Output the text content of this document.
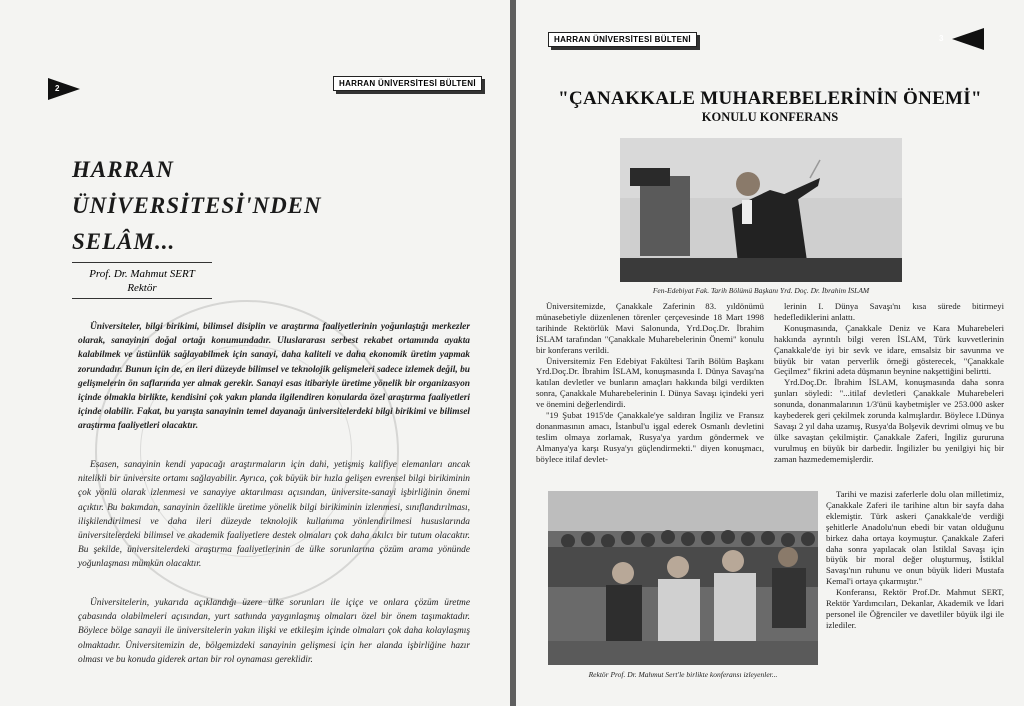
2
HARRAN ÜNİVERSİTESİ BÜLTENİ
HARRAN
ÜNİVERSİTESİ'NDEN
SELÂM...
Prof. Dr. Mahmut SERT
Rektör

Üniversiteler, bilgi birikimi, bilimsel disiplin ve araştırma faaliyetlerinin yoğunlaştığı merkezler olarak, sanayinin doğal ortağı konumundadır. Uluslararası serbest rekabet ortamında ayakta kalabilmek ve üstünlük sağlayabilmek için sanayi, daha kaliteli ve daha ekonomik üretim yapmak zorundadır. Bunun için de, en ileri düzeyde bilimsel ve teknolojik gelişmeleri sadece izlemek değil, bu gelişmelerin ön saflarında yer almak gerekir. Sanayi esas itibariyle üretime yönelik bir organizasyon içinde olmakla birlikte, kendisini çok yakın planda ilgilendiren konularda özel araştırma faaliyetleri içinde olabilir. Fakat, bu yarışta sanayinin temel dayanağı üniversitelerdeki bilgi birikimi ve bilimsel araştırma faaliyetleri olacaktır.

Esasen, sanayinin kendi yapacağı araştırmaların için dahi, yetişmiş kalifiye elemanları ancak nitelikli bir üniversite ortamı sağlayabilir. Ayrıca, çok büyük bir hızla gelişen evrensel bilgi birikiminin çok yönlü olarak izlenmesi ve sanayiye aktarılması açısından, üniversite-sanayi işbirliğinin önemi açıktır. Bu bakımdan, sanayinin özellikle üretime yönelik bilgi birikiminin izlenmesi, sınıflandırılması, ilişkilendirilmesi ve daha ileri düzeyde teknolojik kullanıma yönlendirilmesi hususlarında üniversitelerdeki bilimsel ve akademik faaliyetlere destek olmaları çok daha akılcı bir tutum olacaktır. Bu şekilde, üniversitelerdeki araştırma faaliyetlerinin de ülke sorunlarına çözüm arama yönünde yoğunlaşması mümkün olacaktır.

Üniversitelerin, yukarıda açıklandığı üzere ülke sorunları ile içiçe ve onlara çözüm üretme çabasında olabilmeleri açısından, yurt sathında yaygınlaşmış olmaları özel bir önem taşımaktadır. Böylece bölge sanayii ile üniversitelerin yakın ilişki ve etkileşim içinde olmaları çok daha kolaylaşmış olmaktadır. Üniversitemizin de, bölgemizdeki sanayinin gelişmesi için her alanda işbirliğine hazır olması ve bu konuda giderek artan bir rol oynaması gereklidir.

HARRAN ÜNİVERSİTESİ BÜLTENİ	3
"ÇANAKKALE MUHAREBELERİNİN ÖNEMİ"
KONULU KONFERANS
Fen-Edebiyat Fak. Tarih Bölümü Başkanı Yrd. Doç. Dr. İbrahim İSLAM

Üniversitemizde, Çanakkale Zaferinin 83. yıldönümü münasebetiyle düzenlenen törenler çerçevesinde 18 Mart 1998 tarihinde Rektörlük Mavi Salonunda, Yrd.Doç.Dr. İbrahim İSLAM tarafından "Çanakkale Muharebelerinin Önemi" konulu bir konferans verildi.

Üniversitemiz Fen Edebiyat Fakültesi Tarih Bölüm Başkanı Yrd.Doç.Dr. İbrahim İSLAM, konuşmasında I. Dünya Savaşı'na katılan devletler ve bunların amaçları hakkında bilgi verdikten sonra, Çanakkale Muharebelerinin I. Dünya Savaşı içindeki yeri ve önemini değerlendirdi.

"19 Şubat 1915'de Çanakkale'ye saldıran İngiliz ve Fransız donanmasının amacı, İstanbul'u işgal ederek Osmanlı devletini teslim olmaya zorlamak, Rusya'ya yardım göndermek ve Almanya'ya karşı Rusya'yı güçlendirmekti." diyen konuşmacı, böylece itilaf devlet-

lerinin I. Dünya Savaşı'nı kısa sürede bitirmeyi hedeflediklerini anlattı.

Konuşmasında, Çanakkale Deniz ve Kara Muharebeleri hakkında ayrıntılı bilgi veren İSLAM, Türk kuvvetlerinin Çanakkale'de iyi bir sevk ve idare, emsalsiz bir savunma ve büyük bir vatan perverlik örneği gösterecek, "Çanakkale Geçilmez" fikrini adeta düşmanın beynine nakşettiğini belirtti.

Yrd.Doç.Dr. İbrahim İSLAM, konuşmasında daha sonra şunları söyledi: "...itilaf devletleri Çanakkale Muharebeleri sonunda, donanmalarının 1/3'ünü kaybetmişler ve 253.000 asker kaybederek geri çekilmek zorunda kalmışlardır. Böylece I.Dünya Savaşı 2 yıl daha uzamış, Rusya'da Bolşevik devrimi olmuş ve bu ülke savaştan çekilmiştir. Çanakkale Zaferi, İngiliz gururuna vurulmuş en büyük bir darbedir. İngilizler bu yenilgiyi hiç bir zaman hazmedememişlerdir.

Tarihi ve mazisi zaferlerle dolu olan milletimiz, Çanakkale Zaferi ile tarihine altın bir sayfa daha eklemiştir. Türk askeri Çanakkale'de verdiği şehitlerle Anadolu'nun ebedi bir vatan olduğunu birkez daha ortaya koymuştur. Çanakkale Zaferi daha sonra yapılacak olan İstiklal Savaşı için büyük bir moral değer oluşturmuş, İstiklal Savaşı'nın ruhunu ve onun büyük lideri Mustafa Kemal'i ortaya çıkarmıştır."

Konferansı, Rektör Prof.Dr. Mahmut SERT, Rektör Yardımcıları, Dekanlar, Akademik ve İdari personel ile Öğrenciler ve davetliler büyük ilgi ile izlediler.

Rektör Prof. Dr. Mahmut Sert'le birlikte konferansı izleyenler...
